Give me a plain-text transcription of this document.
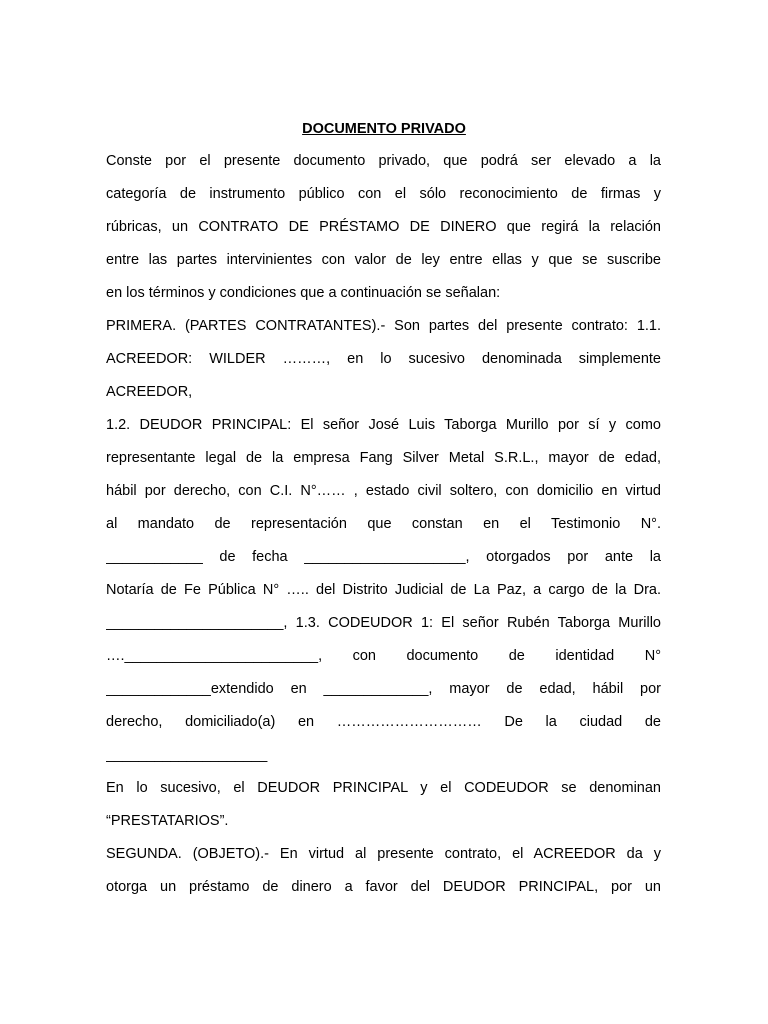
DOCUMENTO PRIVADO
Conste por el presente documento privado, que podrá ser elevado a la
categoría de instrumento público con el sólo reconocimiento de firmas y
rúbricas, un CONTRATO DE PRÉSTAMO DE DINERO que regirá la relación
entre las partes intervinientes con valor de ley entre ellas y que se suscribe
en los términos y condiciones que a continuación se señalan:
PRIMERA. (PARTES CONTRATANTES).- Son partes del presente contrato: 1.1.
ACREEDOR: WILDER ………, en lo sucesivo denominada simplemente
ACREEDOR,
1.2. DEUDOR PRINCIPAL: El señor José Luis Taborga Murillo por sí y como
representante legal de la empresa Fang Silver Metal S.R.L., mayor de edad,
hábil por derecho, con C.I. N°…… , estado civil soltero, con domicilio en virtud
al mandato de representación que constan en el Testimonio N°.
____________ de fecha ____________________, otorgados por ante la
Notaría de Fe Pública N° ….. del Distrito Judicial de La Paz, a cargo de la Dra.
______________________, 1.3. CODEUDOR 1: El señor Rubén Taborga Murillo
….________________________, con documento de identidad N°
_____________extendido en _____________, mayor de edad, hábil por
derecho, domiciliado(a) en ………………………… De la ciudad de
____________________
En lo sucesivo, el DEUDOR PRINCIPAL y el CODEUDOR se denominan
“PRESTATARIOS”.
SEGUNDA. (OBJETO).- En virtud al presente contrato, el ACREEDOR da y
otorga un préstamo de dinero a favor del DEUDOR PRINCIPAL, por un
